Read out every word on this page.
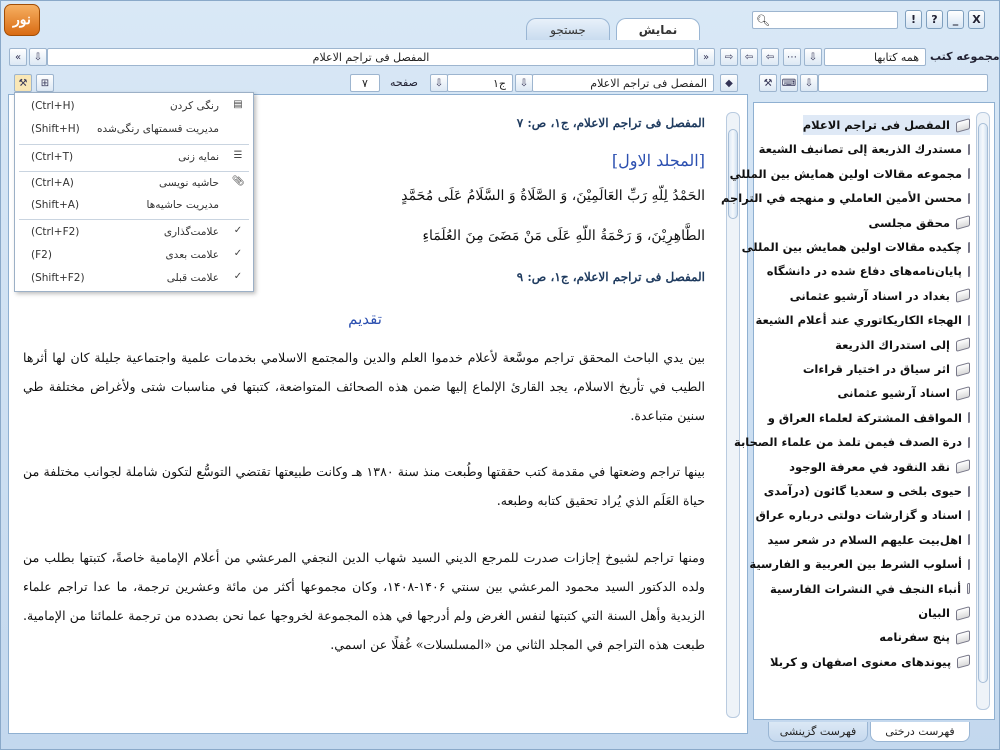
نور
نمایش
جستجو
!	?	_	X
🔍︎
«	⇩	المفصل فی تراجم الاعلام	»	⇨	⇦
⚒	⊞	۷	صفحه	⇩	ج۱	⇩	المفصل فی تراجم الاعلام	◆
المفصل فی تراجم الاعلام، ج۱، ص: ۷
[المجلد الاول]
الحَمْدُ لِلّهِ رَبِّ العَالَمِیْنَ، وَ الصَّلَاةُ وَ السَّلَامُ عَلَی مُحَمَّدٍ
الطَّاهِرِیْنَ، وَ رَحْمَةُ اللّهِ عَلَی مَنْ مَضَیَ مِنَ العُلَمَاءِ
المفصل فی تراجم الاعلام، ج۱، ص: ۹
تقديم
بين يدي الباحث المحقق تراجم موسَّعة لأعلام خدموا العلم والدين والمجتمع الاسلامي بخدمات علمية واجتماعية جليلة كان لها أثرها الطيب في تأريخ الاسلام، يجد القارئ الإلماع إليها ضمن هذه الصحائف المتواضعة، كتبتها في مناسبات شتى ولأغراض مختلفة طي سنين متباعدة.
بينها تراجم وضعتها في مقدمة كتب حققتها وطُبعت منذ سنة ۱۳۸۰ هـ وكانت طبيعتها تقتضي التوسُّع لتكون شاملة لجوانب مختلفة من حياة العَلَم الذي يُراد تحقيق كتابه وطبعه.
ومنها تراجم لشيوخ إجازات صدرت للمرجع الديني السيد شهاب الدين النجفي المرعشي من أعلام الإمامية خاصةً، كتبتها بطلب من ولده الدكتور السيد محمود المرعشي بين سنتي ۱۴۰۶-۱۴۰۸، وكان مجموعها أكثر من مائة وعشرين ترجمة، ما عدا تراجم علماء الزيدية وأهل السنة التي كتبتها لنفس الغرض ولم أدرجها في هذه المجموعة لخروجها عما نحن بصدده من ترجمة علمائنا من الإمامية. طبعت هذه التراجم في المجلد الثاني من «المسلسلات» غُفلًا عن اسمي.
(Ctrl+H)	رنگی کردن ▤
(Shift+H) مدیریت قسمتهای رنگی‌شده
(Ctrl+T)	نمایه زنی ☰
(Ctrl+A)	حاشیه نویسی 📎︎
(Shift+A)	مدیریت حاشیه‌ها
(Ctrl+F2)	علامت‌گذاری ✓
(F2)	علامت بعدی ✓
(Shift+F2)	علامت قبلی ✓
مجموعه کتب
همه کتابها
⇩
⋯
⇦
⇩
⌨
⚒
فهرست درختی
فهرست گزینشی
المفصل فی تراجم الاعلام
مستدرك الذريعة إلى تصانيف الشيعة
مجموعه مقالات اولين همايش بين المللي
محسن الأمين العاملي و منهجه في التراجم
محقق مجلسی
چکیده مقالات اولین همایش بین المللی
پایان‌نامه‌های دفاع شده در دانشگاه
بغداد در اسناد آرشیو عثمانی
الهجاء الكاريكاتوري عند أعلام الشيعة
إلى استدراك الذريعة
اثر سیاق در اختیار قراءات
اسناد آرشیو عثمانی
المواقف المشتركة لعلماء العراق و
درة الصدف فیمن تلمذ من علماء الصحابة
نقد النقود في معرفة الوجود
حیوی بلخی و سعدیا گائون (درآمدی
اسناد و گزارشات دولتی درباره عراق
اهل‌بیت علیهم السلام در شعر سید
أسلوب الشرط بين العربية و الفارسية
أنباء النجف في النشرات الفارسية
البيان
پنج سفرنامه
پیوندهای معنوی اصفهان و کربلا
